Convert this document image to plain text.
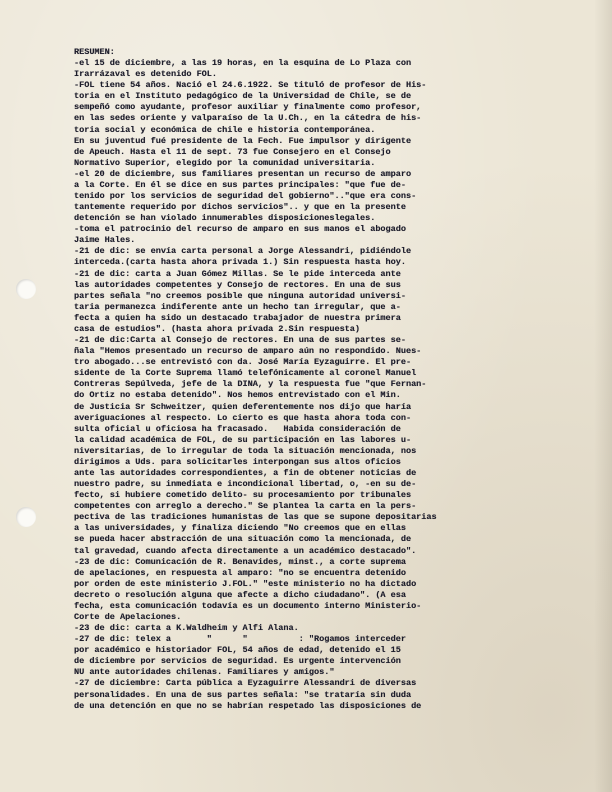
RESUMEN:
-el 15 de diciembre, a las 19 horas, en la esquina de Lo Plaza con
Irarrázaval es detenido FOL.
-FOL tiene 54 años. Nació el 24.6.1922. Se tituló de profesor de His-
toria en el Instituto pedagógico de la Universidad de Chile, se de
sempeñó como ayudante, profesor auxiliar y finalmente como profesor,
en las sedes oriente y valparaíso de la U.Ch., en la cátedra de his-
toria social y económica de chile e historia contemporánea.
En su juventud fué presidente de la Fech. Fue impulsor y dirigente
de Apeuch. Hasta el 11 de sept. 73 fue Consejero en el Consejo
Normativo Superior, elegido por la comunidad universitaria.
-el 20 de diciembre, sus familiares presentan un recurso de amparo
a la Corte. En él se dice en sus partes principales: "que fue de-
tenido por los servicios de seguridad del gobierno".."que era cons-
tantemente requerido por dichos servicios".. y que en la presente
detención se han violado innumerables disposicioneslegales.
-toma el patrocinio del recurso de amparo en sus manos el abogado
Jaime Hales.
-21 de dic: se envía carta personal a Jorge Alessandri, pidiéndole
interceda.(carta hasta ahora privada 1.) Sin respuesta hasta hoy.
-21 de dic: carta a Juan Gómez Millas. Se le pide interceda ante
las autoridades competentes y Consejo de rectores. En una de sus
partes señala "no creemos posible que ninguna autoridad universi-
taria permanezca indiferente ante un hecho tan irregular, que a-
fecta a quien ha sido un destacado trabajador de nuestra primera
casa de estudios". (hasta ahora prívada 2.Sin respuesta)
-21 de dic:Carta al Consejo de rectores. En una de sus partes se-
ñala "Hemos presentado un recurso de amparo aún no respondido. Nues-
tro abogado...se entrevistó con da. José María Eyzaguirre. El pre-
sidente de la Corte Suprema llamó telefónicamente al coronel Manuel
Contreras Sepúlveda, jefe de la DINA, y la respuesta fue "que Fernan-
do Ortiz no estaba detenido". Nos hemos entrevistado con el Min.
de Justicia Sr Schweitzer, quien deferentemente nos dijo que haría
averiguaciones al respecto. Lo cierto es que hasta ahora toda con-
sulta oficial u oficiosa ha fracasado.   Habida consideración de
la calidad académica de FOL, de su participación en las labores u-
niversitarias, de lo irregular de toda la situación mencionada, nos
dirigimos a Uds. para solicitarles interpongan sus altos oficios
ante las autoridades correspondientes, a fin de obtener noticias de
nuestro padre, su inmediata e incondicional libertad, o, -en su de-
fecto, si hubiere cometido delito- su procesamiento por tribunales
competentes con arreglo a derecho." Se plantea la carta en la pers-
pectiva de las tradiciones humanistas de las que se supone depositarias
a las universidades, y finaliza diciendo "No creemos que en ellas
se pueda hacer abstracción de una situación como la mencionada, de
tal gravedad, cuando afecta directamente a un académico destacado".
-23 de dic: Comunicación de R. Benavides, minst., a corte suprema
de apelaciones, en respuesta al amparo: "no se encuentra detenido
por orden de este ministerio J.FOL." "este ministerio no ha dictado
decreto o resolución alguna que afecte a dicho ciudadano". (A esa
fecha, esta comunicación todavía es un documento interno Ministerio-
Corte de Apelaciones.
-23 de dic: carta a K.Waldheim y Alfi Alana.
-27 de dic: telex a       "      "          : "Rogamos interceder
por académico e historiador FOL, 54 años de edad, detenido el 15
de diciembre por servicios de seguridad. Es urgente intervención
NU ante autoridades chilenas. Familiares y amigos."
-27 de diciembre: Carta pública a Eyzaguirre Alessandri de diversas
personalidades. En una de sus partes señala: "se trataría sin duda
de una detención en que no se habrían respetado las disposiciones de
